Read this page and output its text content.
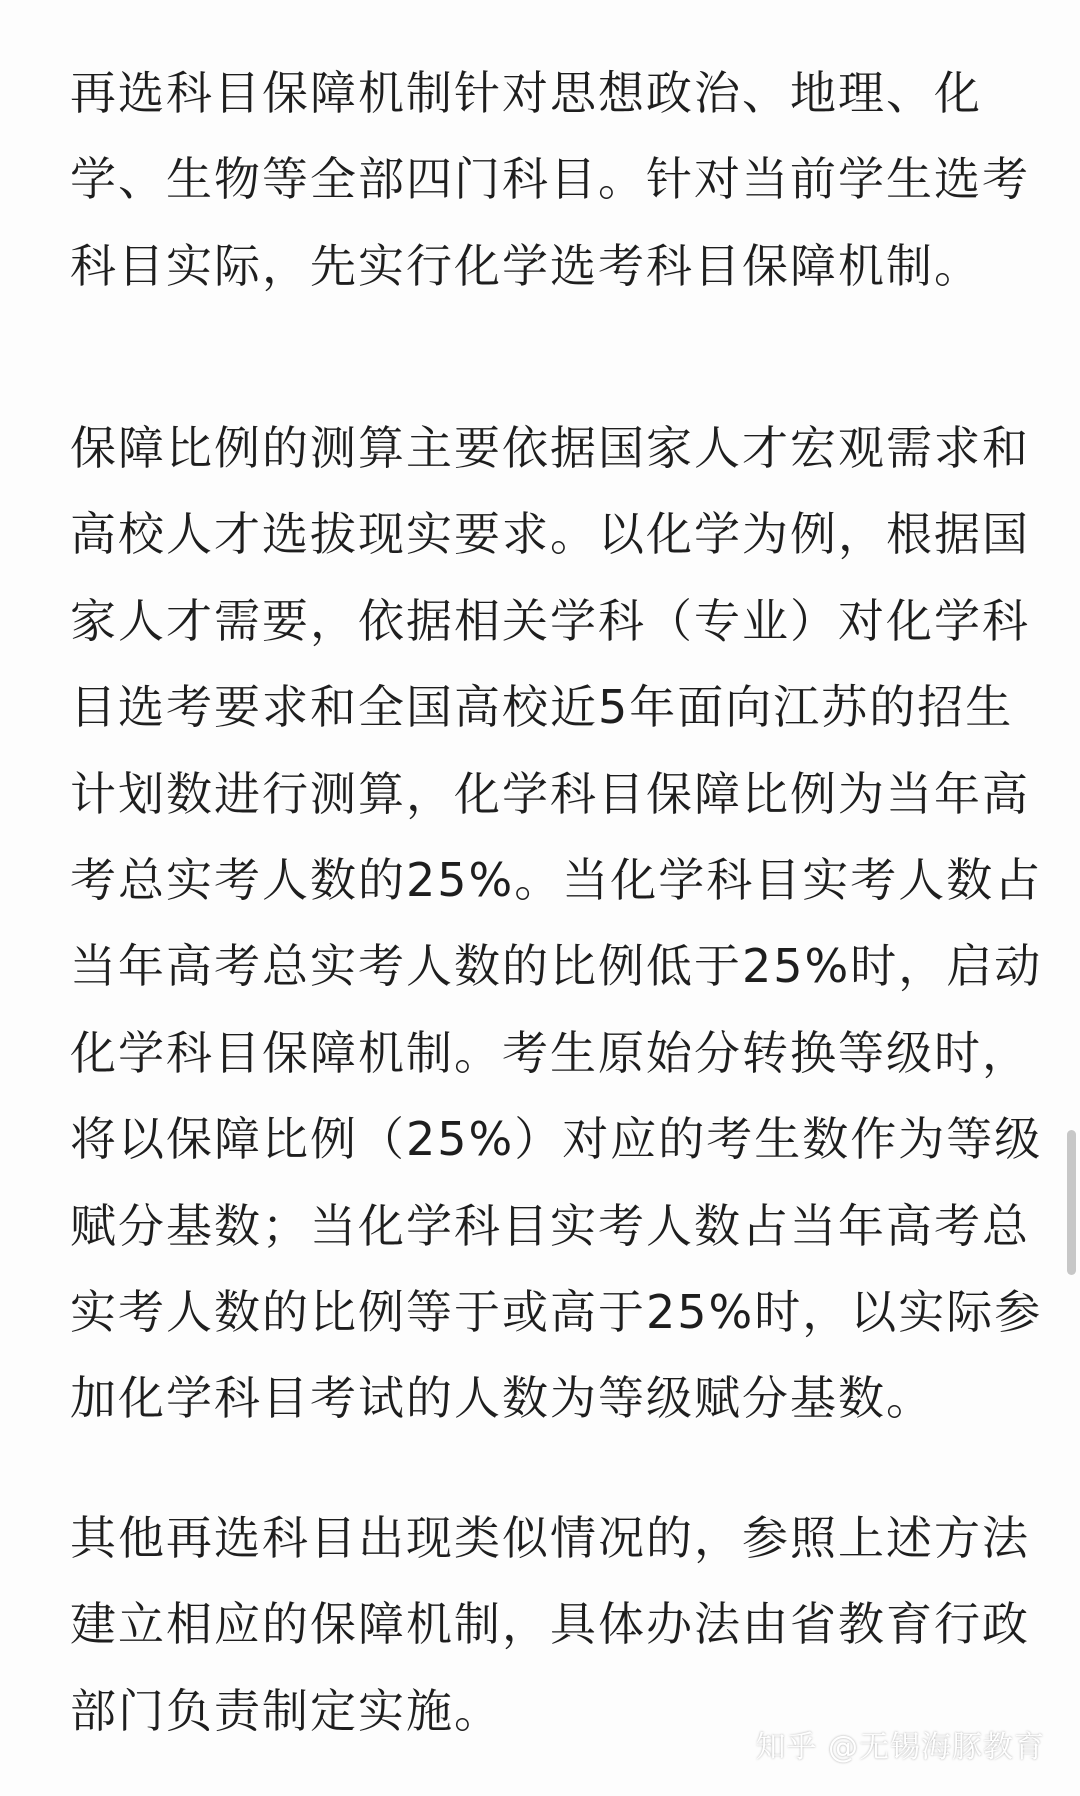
再选科目保障机制针对思想政治、地理、化
学、生物等全部四门科目。针对当前学生选考
科目实际，先实行化学选考科目保障机制。

保障比例的测算主要依据国家人才宏观需求和
高校人才选拔现实要求。以化学为例，根据国
家人才需要，依据相关学科（专业）对化学科
目选考要求和全国高校近5年面向江苏的招生
计划数进行测算，化学科目保障比例为当年高
考总实考人数的25%。当化学科目实考人数占
当年高考总实考人数的比例低于25%时，启动
化学科目保障机制。考生原始分转换等级时，
将以保障比例（25%）对应的考生数作为等级
赋分基数；当化学科目实考人数占当年高考总
实考人数的比例等于或高于25%时，以实际参
加化学科目考试的人数为等级赋分基数。

其他再选科目出现类似情况的，参照上述方法
建立相应的保障机制，具体办法由省教育行政
部门负责制定实施。

知乎 @无锡海豚教育
